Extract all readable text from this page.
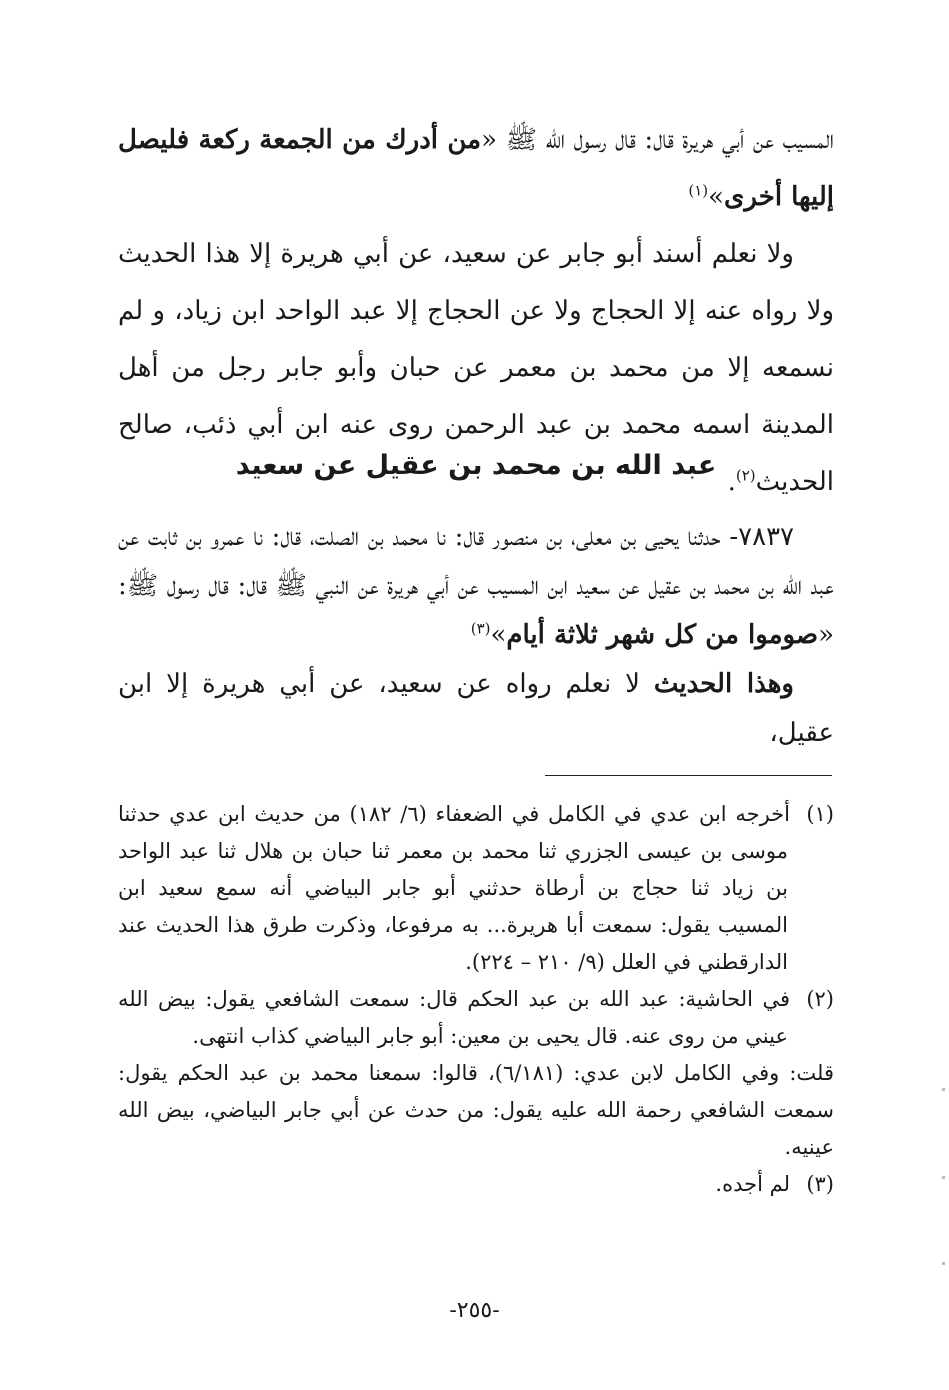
المسيب عن أبي هريرة قال: قال رسول الله ﷺ «من أدرك من الجمعة ركعة فليصل إليها أخرى»$^{(١)}$

ولا نعلم أسند أبو جابر عن سعيد، عن أبي هريرة إلا هذا الحديث ولا رواه عنه إلا الحجاج ولا عن الحجاج إلا عبد الواحد ابن زياد، و لم نسمعه إلا من محمد بن معمر عن حبان وأبو جابر رجل من أهل المدينة اسمه محمد بن عبد الرحمن روى عنه ابن أبي ذئب، صالح الحديث$^{(٢)}$.

عبد الله بن محمد بن عقيل عن سعيد

٧٨٣٧- حدثنا يحيى بن معلى، بن منصور قال: نا محمد بن الصلت، قال: نا عمرو بن ثابت عن عبد الله بن محمد بن عقيل عن سعيد ابن المسيب عن أبي هريرة عن النبي ﷺ قال: قال رسول ﷺ: «صوموا من كل شهر ثلاثة أيام»$^{(٣)}$

وهذا الحديث لا نعلم رواه عن سعيد، عن أبي هريرة إلا ابن عقيل،

(١)أخرجه ابن عدي في الكامل في الضعفاء (٦/ ١٨٢) من حديث ابن عدي حدثنا موسى بن عيسى الجزري ثنا محمد بن معمر ثنا حبان بن هلال ثنا عبد الواحد بن زياد ثنا حجاج بن أرطاة حدثني أبو جابر البياضي أنه سمع سعيد ابن المسيب يقول: سمعت أبا هريرة... به مرفوعا، وذكرت طرق هذا الحديث عند الدارقطني في العلل (٩/ ٢١٠ – ٢٢٤).

(٢)في الحاشية: عبد الله بن عبد الحكم قال: سمعت الشافعي يقول: بيض الله عيني من روى عنه. قال يحيى بن معين: أبو جابر البياضي كذاب انتهى.

قلت: وفي الكامل لابن عدي: (٦/١٨١)، قالوا: سمعنا محمد بن عبد الحكم يقول: سمعت الشافعي رحمة الله عليه يقول: من حدث عن أبي جابر البياضي، بيض الله عينيه.

(٣)لم أجده.

-٢٥٥-
